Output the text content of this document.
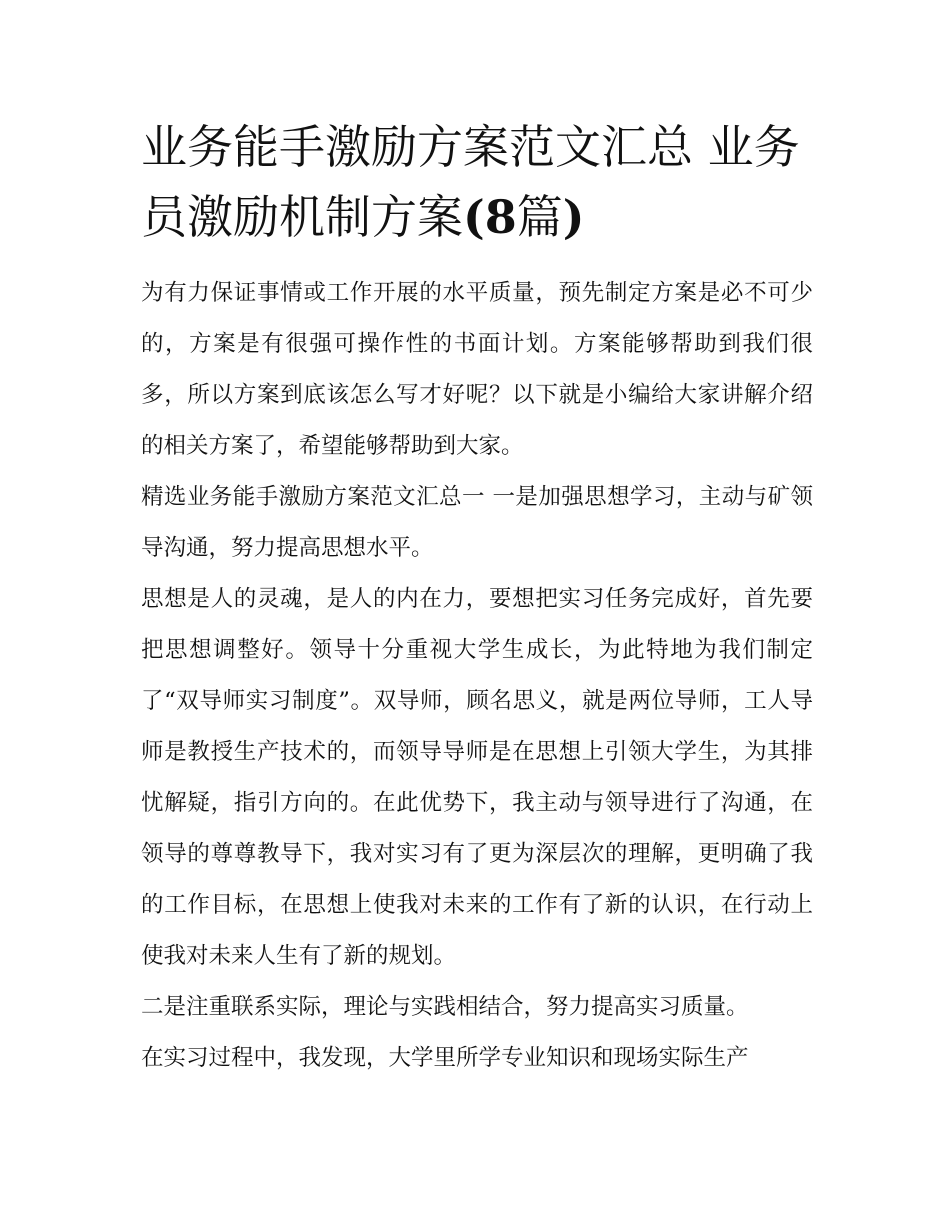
业务能手激励方案范文汇总 业务员激励机制方案(8篇)

为有力保证事情或工作开展的水平质量，预先制定方案是必不可少的，方案是有很强可操作性的书面计划。方案能够帮助到我们很多，所以方案到底该怎么写才好呢？以下就是小编给大家讲解介绍的相关方案了，希望能够帮助到大家。

精选业务能手激励方案范文汇总一 一是加强思想学习，主动与矿领导沟通，努力提高思想水平。

思想是人的灵魂，是人的内在力，要想把实习任务完成好，首先要把思想调整好。领导十分重视大学生成长，为此特地为我们制定了“双导师实习制度”。双导师，顾名思义，就是两位导师，工人导师是教授生产技术的，而领导导师是在思想上引领大学生，为其排忧解疑，指引方向的。在此优势下，我主动与领导进行了沟通，在领导的尊尊教导下，我对实习有了更为深层次的理解，更明确了我的工作目标，在思想上使我对未来的工作有了新的认识，在行动上使我对未来人生有了新的规划。

二是注重联系实际，理论与实践相结合，努力提高实习质量。

在实习过程中，我发现，大学里所学专业知识和现场实际生产
